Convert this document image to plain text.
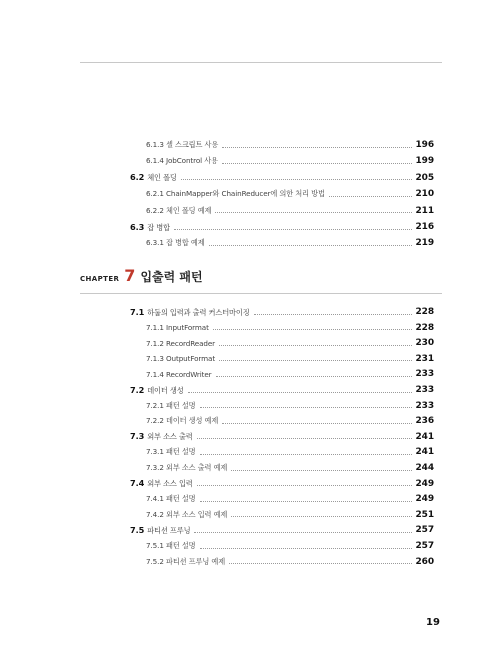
6.1.3 셸 스크립트 사용	196
6.1.4 JobControl 사용	199
6.2 체인 폴딩	205
6.2.1 ChainMapper와 ChainReducer에 의한 처리 방법	210
6.2.2 체인 폴딩 예제	211
6.3 잡 병합	216
6.3.1 잡 병합 예제	219
CHAPTER 7 입출력 패턴
7.1 하둡의 입력과 출력 커스터마이징	228
7.1.1 InputFormat	228
7.1.2 RecordReader	230
7.1.3 OutputFormat	231
7.1.4 RecordWriter	233
7.2 데이터 생성	233
7.2.1 패턴 설명	233
7.2.2 데이터 생성 예제	236
7.3 외부 소스 출력	241
7.3.1 패턴 설명	241
7.3.2 외부 소스 출력 예제	244
7.4 외부 소스 입력	249
7.4.1 패턴 설명	249
7.4.2 외부 소스 입력 예제	251
7.5 파티션 프루닝	257
7.5.1 패턴 설명	257
7.5.2 파티션 프루닝 예제	260
19
